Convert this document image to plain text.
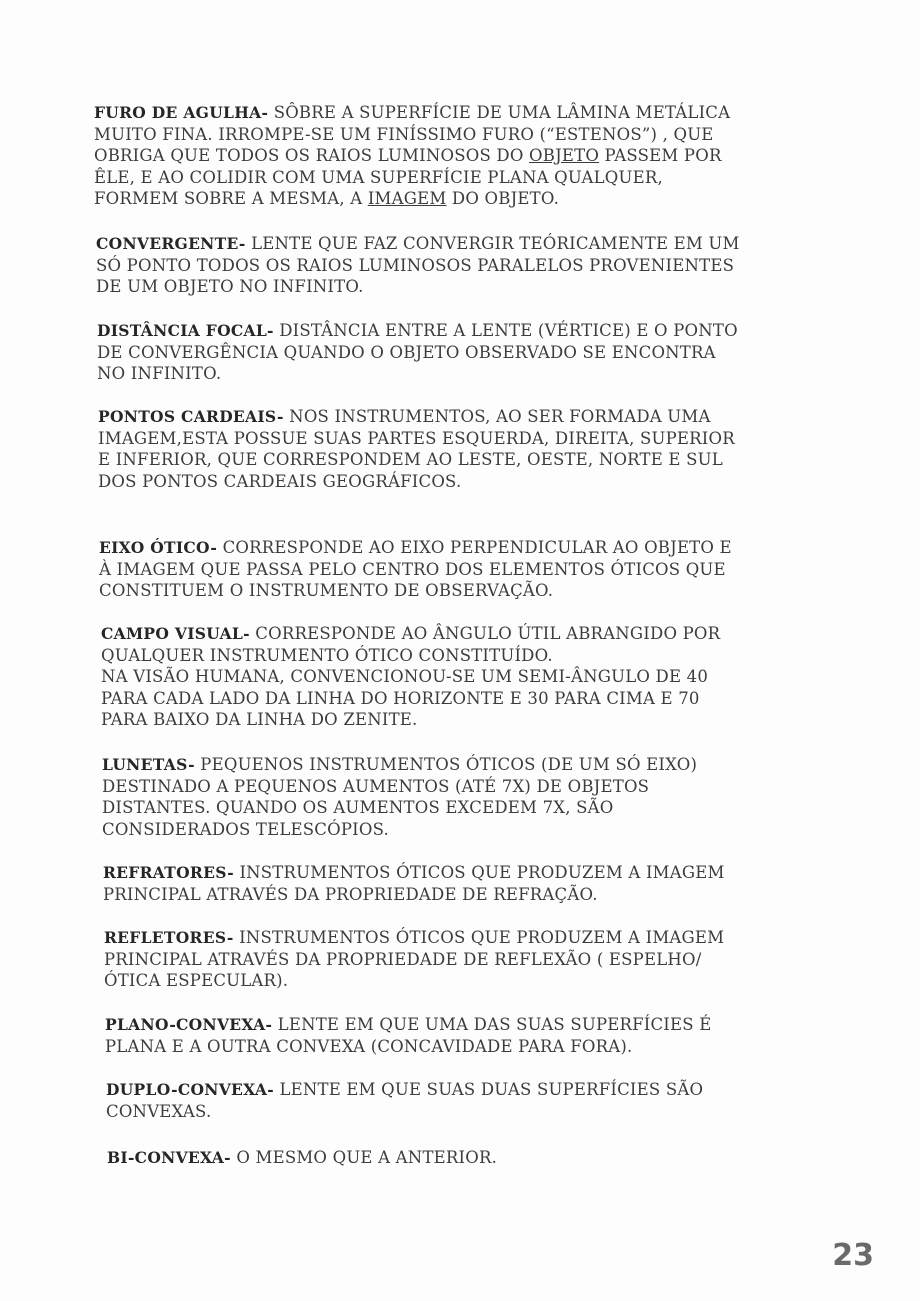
FURO DE AGULHA- SÔBRE A SUPERFÍCIE DE UMA LÂMINA METÁLICA
MUITO FINA. IRROMPE-SE UM FINÍSSIMO FURO (“ESTENOS”) , QUE
OBRIGA QUE TODOS OS RAIOS LUMINOSOS DO OBJETO PASSEM POR
ÊLE, E AO COLIDIR COM UMA SUPERFÍCIE PLANA QUALQUER,
FORMEM SOBRE A MESMA, A IMAGEM DO OBJETO.

CONVERGENTE- LENTE QUE FAZ CONVERGIR TEÓRICAMENTE EM UM
SÓ PONTO TODOS OS RAIOS LUMINOSOS PARALELOS PROVENIENTES
DE UM OBJETO NO INFINITO.

DISTÂNCIA FOCAL- DISTÂNCIA ENTRE A LENTE (VÉRTICE) E O PONTO
DE CONVERGÊNCIA QUANDO O OBJETO OBSERVADO SE ENCONTRA
NO INFINITO.

PONTOS CARDEAIS- NOS INSTRUMENTOS, AO SER FORMADA UMA
IMAGEM,ESTA POSSUE SUAS PARTES ESQUERDA, DIREITA, SUPERIOR
E INFERIOR, QUE CORRESPONDEM AO LESTE, OESTE, NORTE E SUL
DOS PONTOS CARDEAIS GEOGRÁFICOS.

EIXO ÓTICO- CORRESPONDE AO EIXO PERPENDICULAR AO OBJETO E
À IMAGEM QUE PASSA PELO CENTRO DOS ELEMENTOS ÓTICOS QUE
CONSTITUEM O INSTRUMENTO DE OBSERVAÇÃO.

CAMPO VISUAL- CORRESPONDE AO ÂNGULO ÚTIL ABRANGIDO POR
QUALQUER INSTRUMENTO ÓTICO CONSTITUÍDO.
NA VISÃO HUMANA, CONVENCIONOU-SE UM SEMI-ÂNGULO DE 40
PARA CADA LADO DA LINHA DO HORIZONTE E 30 PARA CIMA E 70
PARA BAIXO DA LINHA DO ZENITE.

LUNETAS- PEQUENOS INSTRUMENTOS ÓTICOS (DE UM SÓ EIXO)
DESTINADO A PEQUENOS AUMENTOS (ATÉ 7X) DE OBJETOS
DISTANTES. QUANDO OS AUMENTOS EXCEDEM 7X, SÃO
CONSIDERADOS TELESCÓPIOS.

REFRATORES- INSTRUMENTOS ÓTICOS QUE PRODUZEM A IMAGEM
PRINCIPAL ATRAVÉS DA PROPRIEDADE DE REFRAÇÃO.

REFLETORES- INSTRUMENTOS ÓTICOS QUE PRODUZEM A IMAGEM
PRINCIPAL ATRAVÉS DA PROPRIEDADE DE REFLEXÃO ( ESPELHO/
ÓTICA ESPECULAR).

PLANO-CONVEXA- LENTE EM QUE UMA DAS SUAS SUPERFÍCIES É
PLANA E A OUTRA CONVEXA (CONCAVIDADE PARA FORA).

DUPLO-CONVEXA- LENTE EM QUE SUAS DUAS SUPERFÍCIES SÃO
CONVEXAS.

BI-CONVEXA- O MESMO QUE A ANTERIOR.

23
